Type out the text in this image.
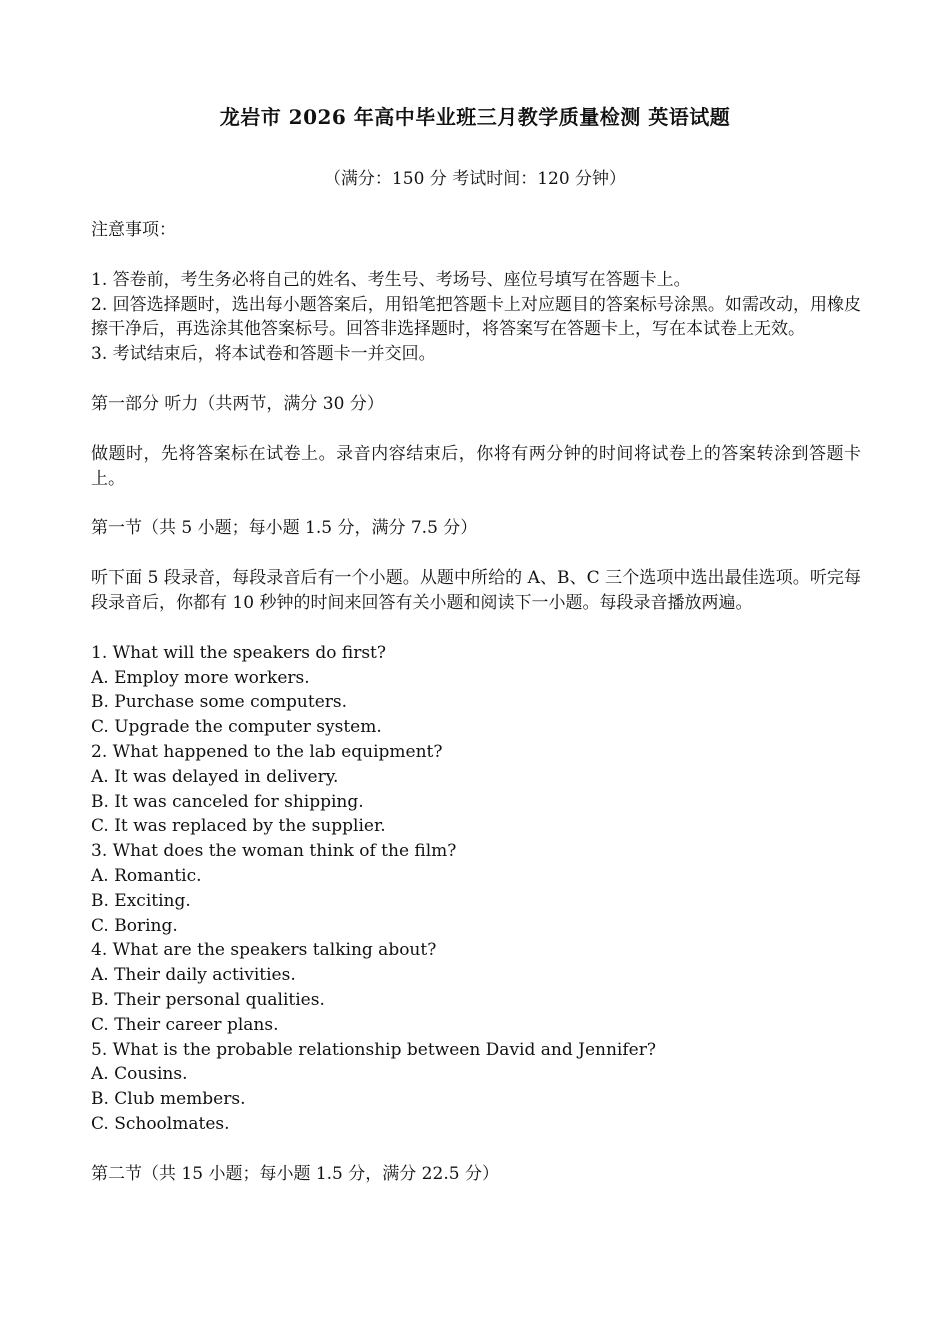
龙岩市 2026 年高中毕业班三月教学质量检测 英语试题
（满分：150 分 考试时间：120 分钟）
注意事项：
1. 答卷前，考生务必将自己的姓名、考生号、考场号、座位号填写在答题卡上。
2. 回答选择题时，选出每小题答案后，用铅笔把答题卡上对应题目的答案标号涂黑。如需改动，用橡皮擦干净后，再选涂其他答案标号。回答非选择题时，将答案写在答题卡上，写在本试卷上无效。
3. 考试结束后，将本试卷和答题卡一并交回。
第一部分 听力（共两节，满分 30 分）
做题时，先将答案标在试卷上。录音内容结束后，你将有两分钟的时间将试卷上的答案转涂到答题卡上。
第一节（共 5 小题；每小题 1.5 分，满分 7.5 分）
听下面 5 段录音，每段录音后有一个小题。从题中所给的 A、B、C 三个选项中选出最佳选项。听完每段录音后，你都有 10 秒钟的时间来回答有关小题和阅读下一小题。每段录音播放两遍。
1. What will the speakers do first?
A. Employ more workers.
B. Purchase some computers.
C. Upgrade the computer system.
2. What happened to the lab equipment?
A. It was delayed in delivery.
B. It was canceled for shipping.
C. It was replaced by the supplier.
3. What does the woman think of the film?
A. Romantic.
B. Exciting.
C. Boring.
4. What are the speakers talking about?
A. Their daily activities.
B. Their personal qualities.
C. Their career plans.
5. What is the probable relationship between David and Jennifer?
A. Cousins.
B. Club members.
C. Schoolmates.
第二节（共 15 小题；每小题 1.5 分，满分 22.5 分）
